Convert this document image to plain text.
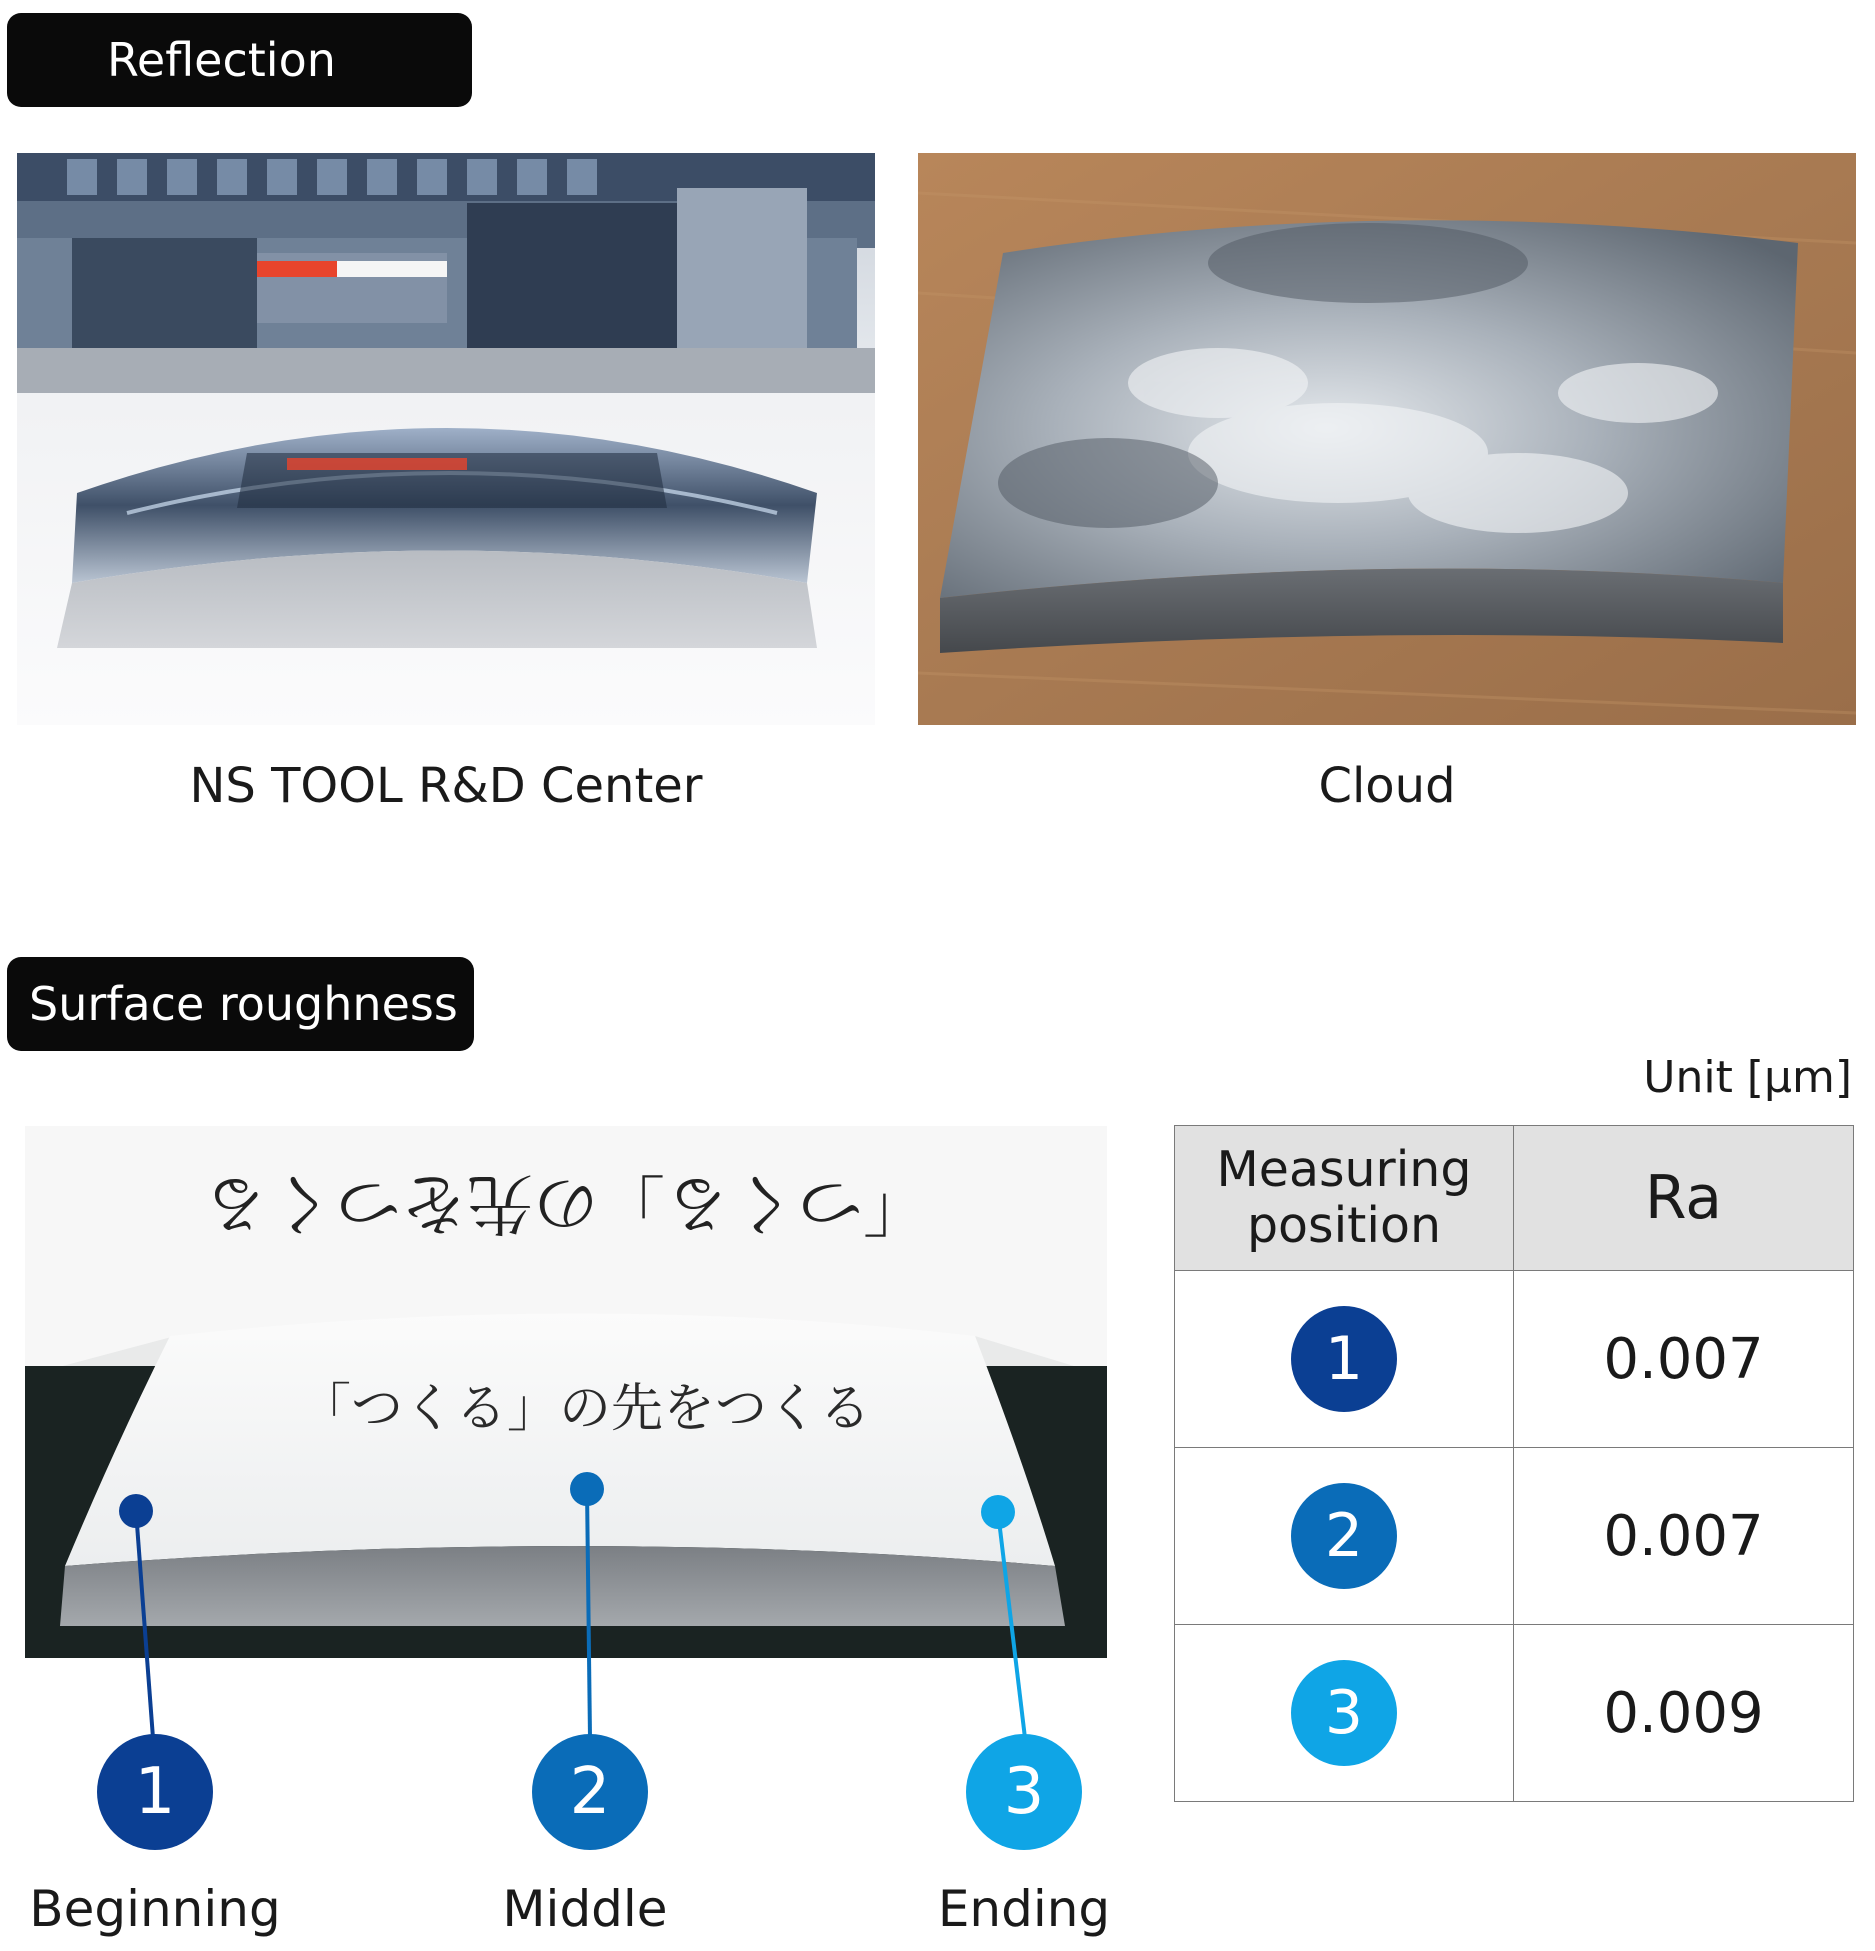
Reflection
NS TOOL R&D Center	Cloud
Surface roughness
「つくる」の先をつくる
「つくる」の先をつくる
1	2	3
Beginning	Middle	Ending
Unit [μm]
Measuring position	Ra
1	0.007
2	0.007
3	0.009
